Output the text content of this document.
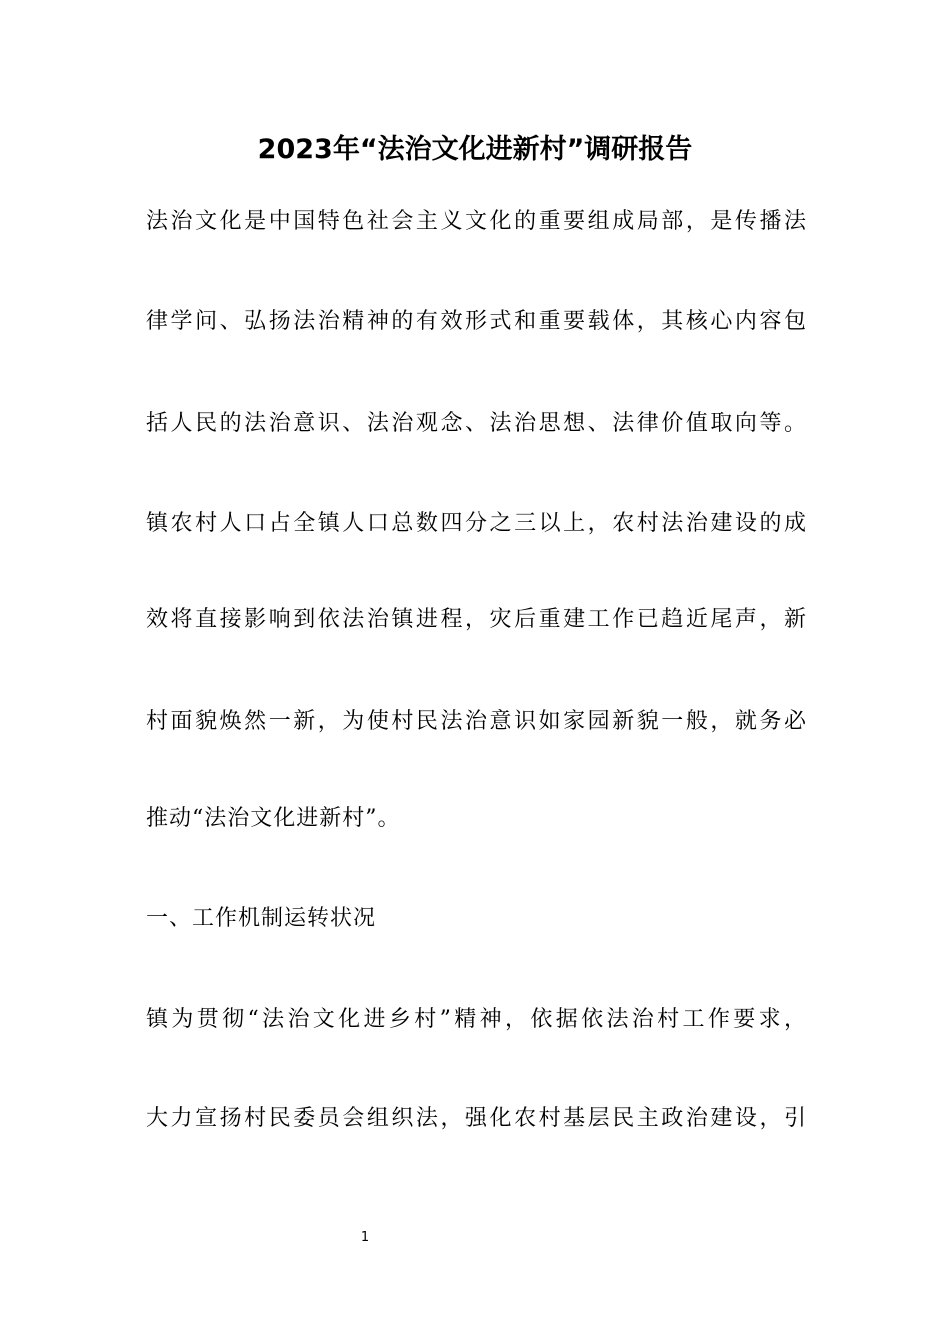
2023年“法治文化进新村”调研报告
法治文化是中国特色社会主义文化的重要组成局部，是传播法
律学问、弘扬法治精神的有效形式和重要载体，其核心内容包
括人民的法治意识、法治观念、法治思想、法律价值取向等。
镇农村人口占全镇人口总数四分之三以上，农村法治建设的成
效将直接影响到依法治镇进程，灾后重建工作已趋近尾声，新
村面貌焕然一新，为使村民法治意识如家园新貌一般，就务必
推动“法治文化进新村”。
一、工作机制运转状况
镇为贯彻“法治文化进乡村”精神，依据依法治村工作要求，
大力宣扬村民委员会组织法，强化农村基层民主政治建设，引
1
